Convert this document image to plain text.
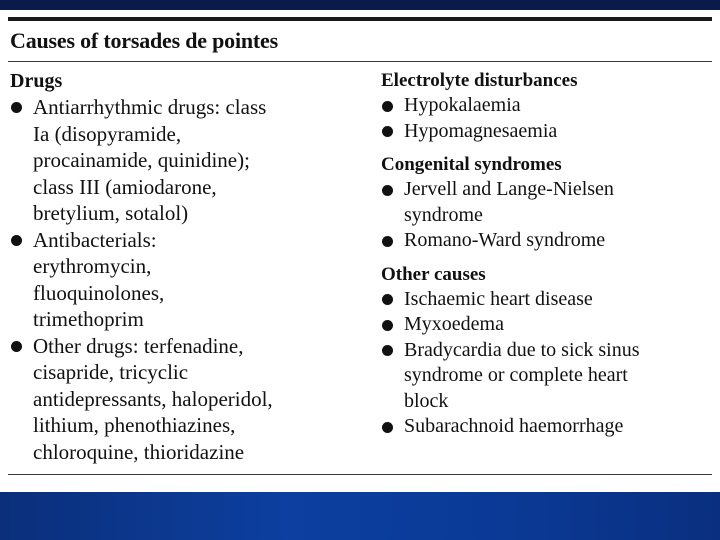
Causes of torsades de pointes
Drugs
Antiarrhythmic drugs: class
Ia (disopyramide,
procainamide, quinidine);
class III (amiodarone,
bretylium, sotalol)
Antibacterials:
erythromycin,
fluoquinolones,
trimethoprim
Other drugs: terfenadine,
cisapride, tricyclic
antidepressants, haloperidol,
lithium, phenothiazines,
chloroquine, thioridazine
Electrolyte disturbances
Hypokalaemia
Hypomagnesaemia
Congenital syndromes
Jervell and Lange-Nielsen
syndrome
Romano-Ward syndrome
Other causes
Ischaemic heart disease
Myxoedema
Bradycardia due to sick sinus
syndrome or complete heart
block
Subarachnoid haemorrhage
